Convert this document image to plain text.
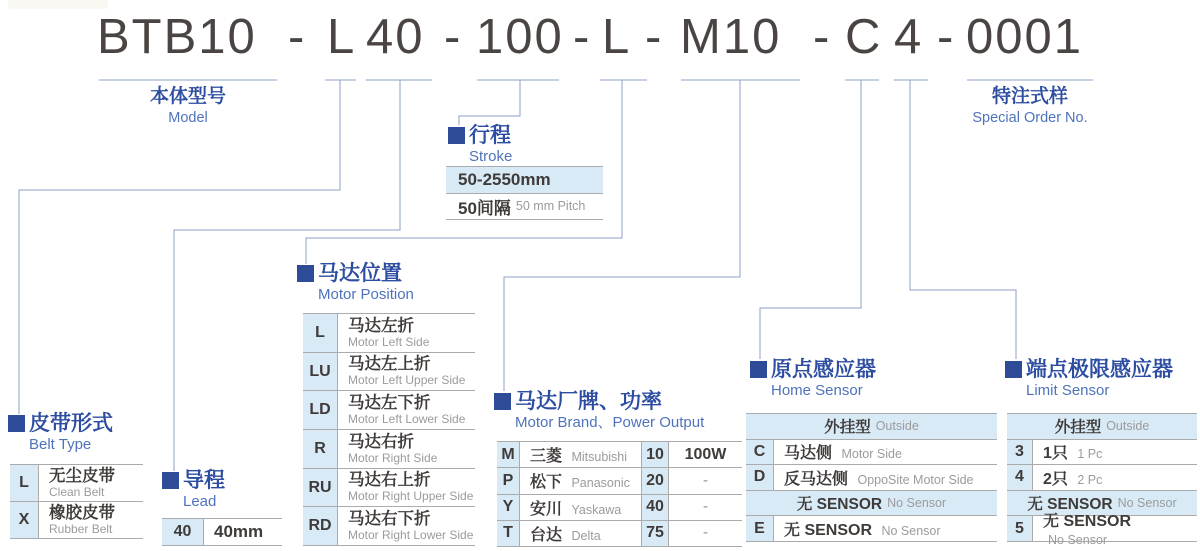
BTB10 - L 40 - 100 - L - M10 - C 4 - 0001
本体型号
Model
特注式样
Special Order No.
行程
Stroke
50-2550mm
50间隔 50 mm Pitch
马达位置
Motor Position
L	马达左折
Motor Left Side
LU	马达左上折
Motor Left Upper Side
LD	马达左下折
Motor Left Lower Side
R	马达右折
Motor Right Side
RU 马达右上折
Motor Right Upper Side
RD 马达右下折
Motor Right Lower Side
皮带形式
Belt Type
L	无尘皮带
Clean Belt
X	橡胶皮带
Rubber Belt
导程
Lead
40	40mm
马达厂牌、功率
Motor Brand、Power Output
M 三菱 Mitsubishi	10	100W
P	松下 Panasonic	20	-
Y	安川 Yaskawa	40	-
T	台达 Delta	75	-
原点感应器
Home Sensor
外挂型 Outside
C	马达侧 Motor Side
D	反马达侧 OppoSite Motor Side
无 SENSOR No Sensor
E	无 SENSOR No Sensor
端点极限感应器
Limit Sensor
外挂型 Outside
3	1只 1 Pc
4	2只 2 Pc
无 SENSOR No Sensor
5	无 SENSOR No Sensor
